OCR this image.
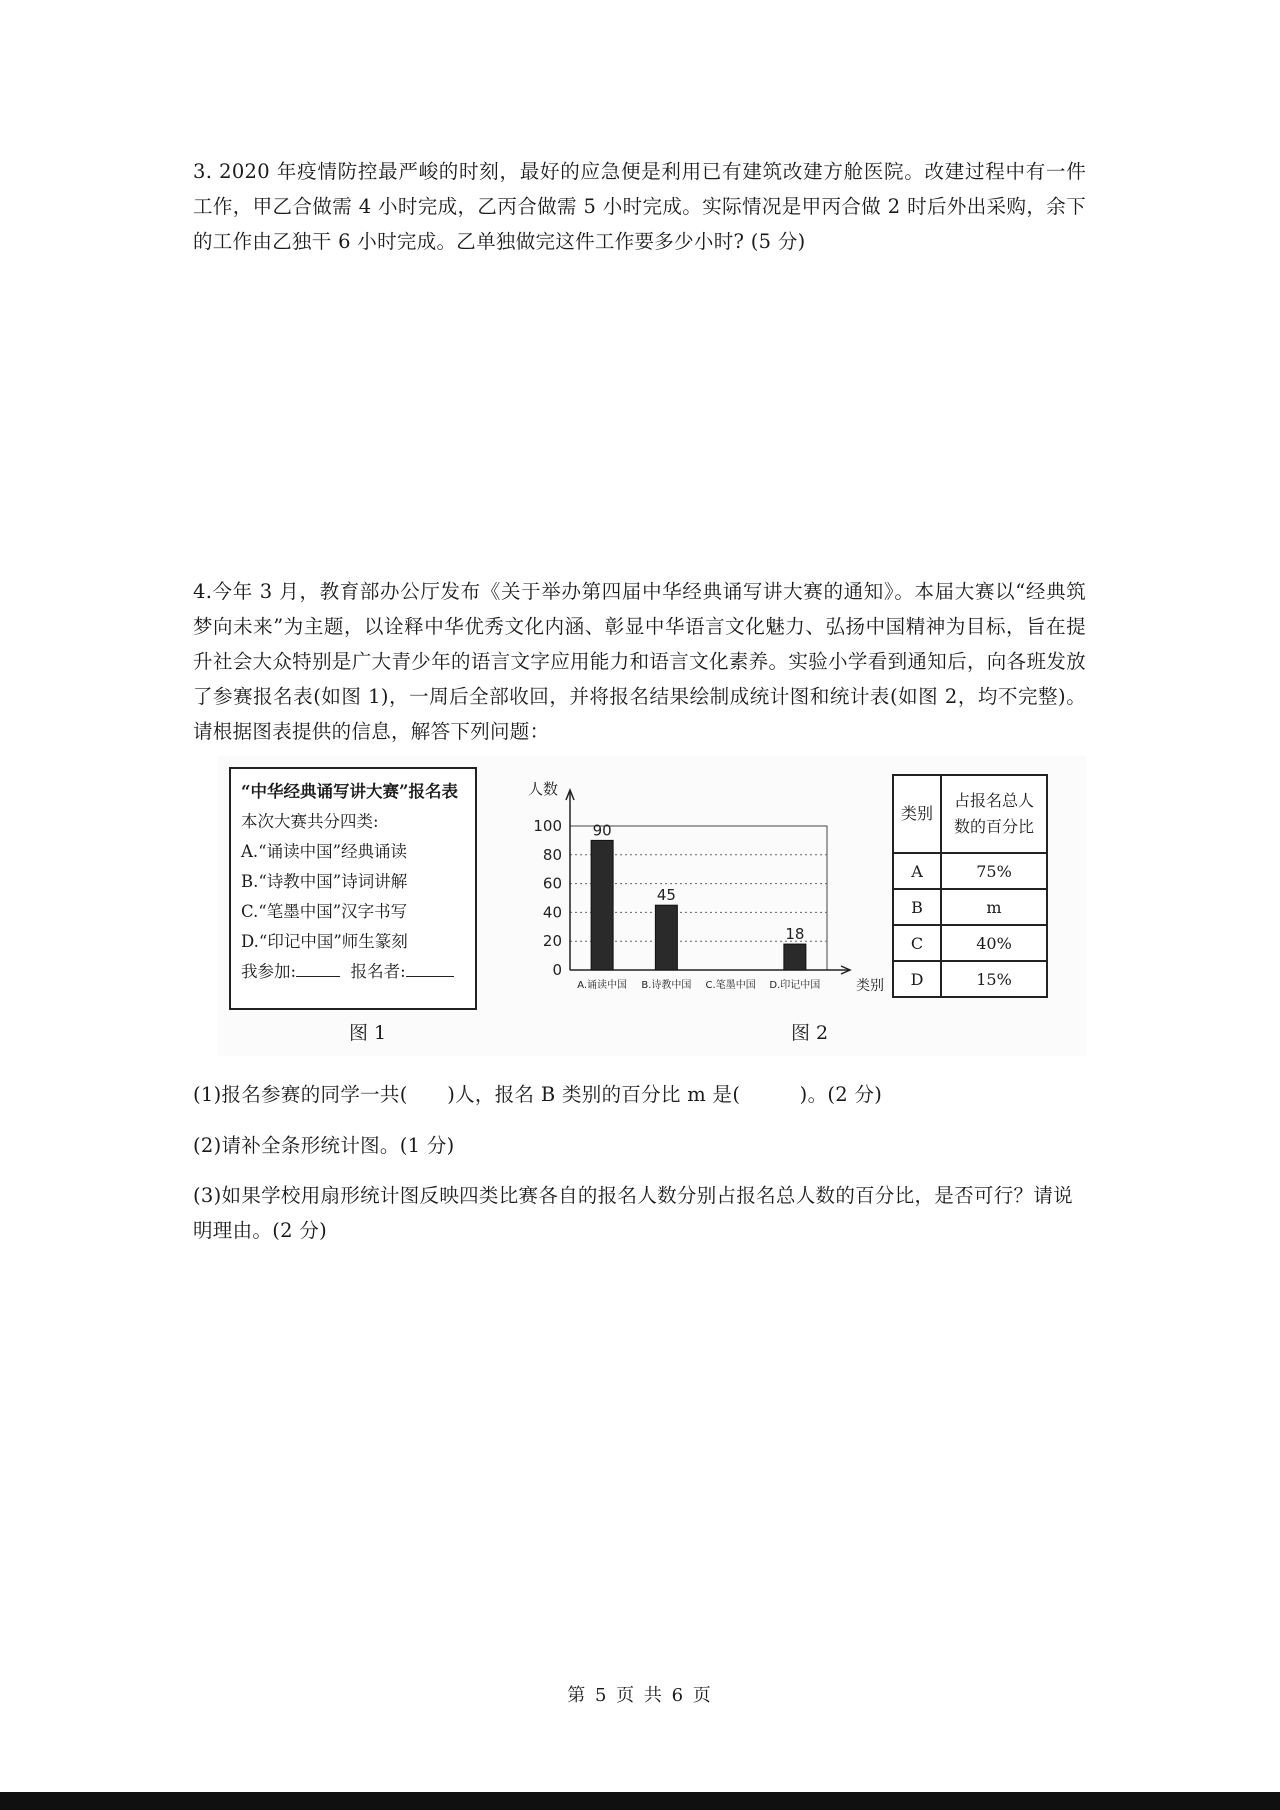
3. 2020 年疫情防控最严峻的时刻，最好的应急便是利用已有建筑改建方舱医院。改建过程中有一件工作，甲乙合做需 4 小时完成，乙丙合做需 5 小时完成。实际情况是甲丙合做 2 时后外出采购，余下的工作由乙独干 6 小时完成。乙单独做完这件工作要多少小时? (5 分)
4.今年 3 月，教育部办公厅发布《关于举办第四届中华经典诵写讲大赛的通知》。本届大赛以“经典筑梦向未来”为主题，以诠释中华优秀文化内涵、彰显中华语言文化魅力、弘扬中国精神为目标，旨在提升社会大众特别是广大青少年的语言文字应用能力和语言文化素养。实验小学看到通知后，向各班发放了参赛报名表(如图 1)，一周后全部收回，并将报名结果绘制成统计图和统计表(如图 2，均不完整)。请根据图表提供的信息，解答下列问题：
“中华经典诵写讲大赛”报名表
本次大赛共分四类:
A.“诵读中国”经典诵读
B.“诗教中国”诗词讲解
C.“笔墨中国”汉字书写
D.“印记中国”师生篆刻
我参加:	报名者:
图 1
0
20
40
60
80
100
人数
类别
90
A.诵读中国
45
B.诗教中国 C.笔墨中国
18
D.印记中国
图 2
类别	占报名总人
数的百分比

A	75%
B	m
C	40%
D	15%
(1)报名参赛的同学一共(　　)人，报名 B 类别的百分比 m 是(　　　)。(2 分)
(2)请补全条形统计图。(1 分)
(3)如果学校用扇形统计图反映四类比赛各自的报名人数分别占报名总人数的百分比，是否可行？请说明理由。(2 分)
第 5 页 共 6 页
